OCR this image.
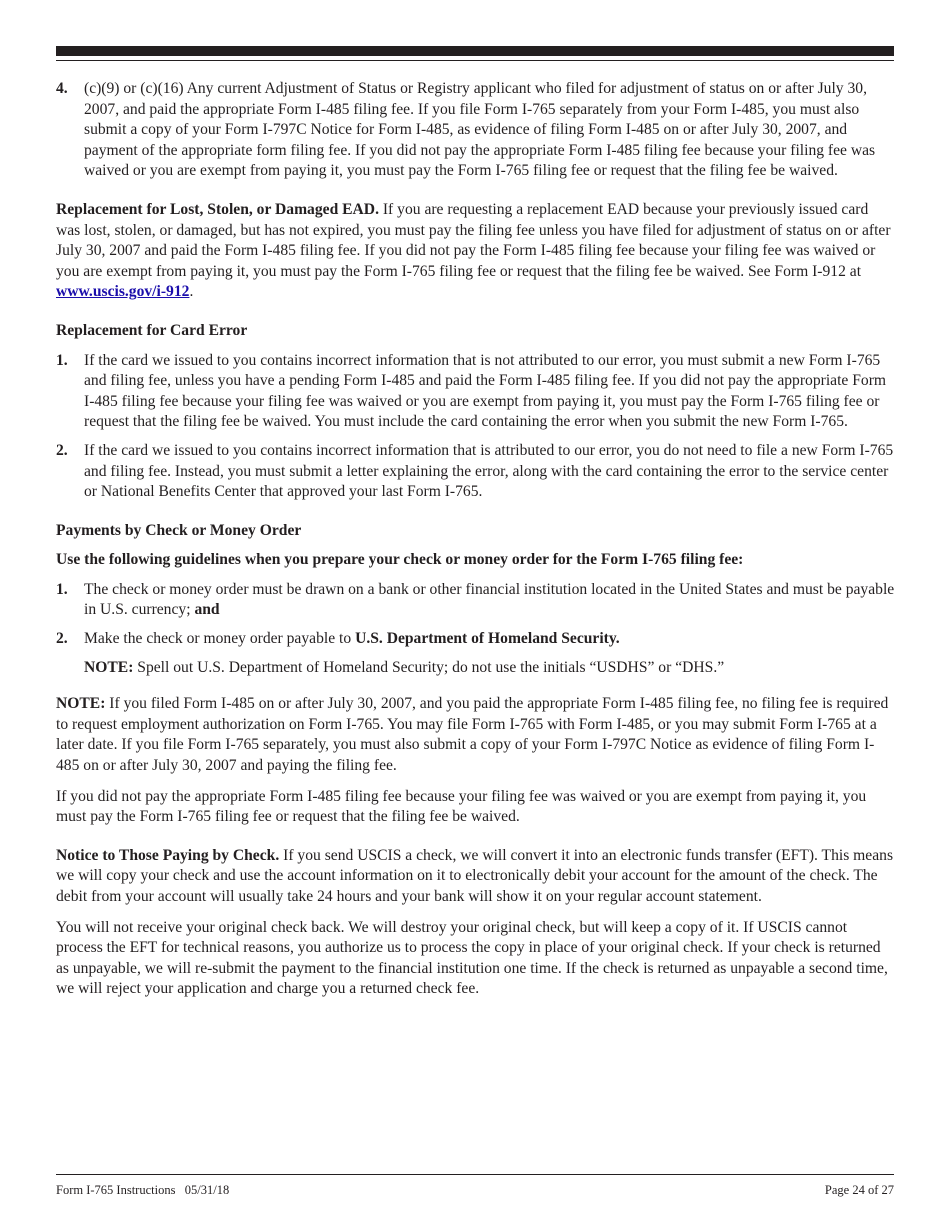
4.	(c)(9) or (c)(16) Any current Adjustment of Status or Registry applicant who filed for adjustment of status on or after July 30, 2007, and paid the appropriate Form I-485 filing fee. If you file Form I-765 separately from your Form I-485, you must also submit a copy of your Form I-797C Notice for Form I-485, as evidence of filing Form I-485 on or after July 30, 2007, and payment of the appropriate form filing fee. If you did not pay the appropriate Form I-485 filing fee because your filing fee was waived or you are exempt from paying it, you must pay the Form I-765 filing fee or request that the filing fee be waived.

Replacement for Lost, Stolen, or Damaged EAD. If you are requesting a replacement EAD because your previously issued card was lost, stolen, or damaged, but has not expired, you must pay the filing fee unless you have filed for adjustment of status on or after July 30, 2007 and paid the Form I-485 filing fee. If you did not pay the Form I-485 filing fee because your filing fee was waived or you are exempt from paying it, you must pay the Form I-765 filing fee or request that the filing fee be waived. See Form I-912 at www.uscis.gov/i-912.

Replacement for Card Error

1.	If the card we issued to you contains incorrect information that is not attributed to our error, you must submit a new Form I-765 and filing fee, unless you have a pending Form I-485 and paid the Form I-485 filing fee. If you did not pay the appropriate Form I-485 filing fee because your filing fee was waived or you are exempt from paying it, you must pay the Form I-765 filing fee or request that the filing fee be waived. You must include the card containing the error when you submit the new Form I-765.
2.	If the card we issued to you contains incorrect information that is attributed to our error, you do not need to file a new Form I-765 and filing fee. Instead, you must submit a letter explaining the error, along with the card containing the error to the service center or National Benefits Center that approved your last Form I-765.

Payments by Check or Money Order

Use the following guidelines when you prepare your check or money order for the Form I-765 filing fee:

1.	The check or money order must be drawn on a bank or other financial institution located in the United States and must be payable in U.S. currency; and
2.	Make the check or money order payable to U.S. Department of Homeland Security.

NOTE: Spell out U.S. Department of Homeland Security; do not use the initials “USDHS” or “DHS.”

NOTE: If you filed Form I-485 on or after July 30, 2007, and you paid the appropriate Form I-485 filing fee, no filing fee is required to request employment authorization on Form I-765. You may file Form I-765 with Form I-485, or you may submit Form I-765 at a later date. If you file Form I-765 separately, you must also submit a copy of your Form I-797C Notice as evidence of filing Form I-485 on or after July 30, 2007 and paying the filing fee.

If you did not pay the appropriate Form I-485 filing fee because your filing fee was waived or you are exempt from paying it, you must pay the Form I-765 filing fee or request that the filing fee be waived.

Notice to Those Paying by Check. If you send USCIS a check, we will convert it into an electronic funds transfer (EFT). This means we will copy your check and use the account information on it to electronically debit your account for the amount of the check. The debit from your account will usually take 24 hours and your bank will show it on your regular account statement.

You will not receive your original check back. We will destroy your original check, but will keep a copy of it. If USCIS cannot process the EFT for technical reasons, you authorize us to process the copy in place of your original check. If your check is returned as unpayable, we will re-submit the payment to the financial institution one time. If the check is returned as unpayable a second time, we will reject your application and charge you a returned check fee.

Form I-765 Instructions   05/31/18	Page 24 of 27
